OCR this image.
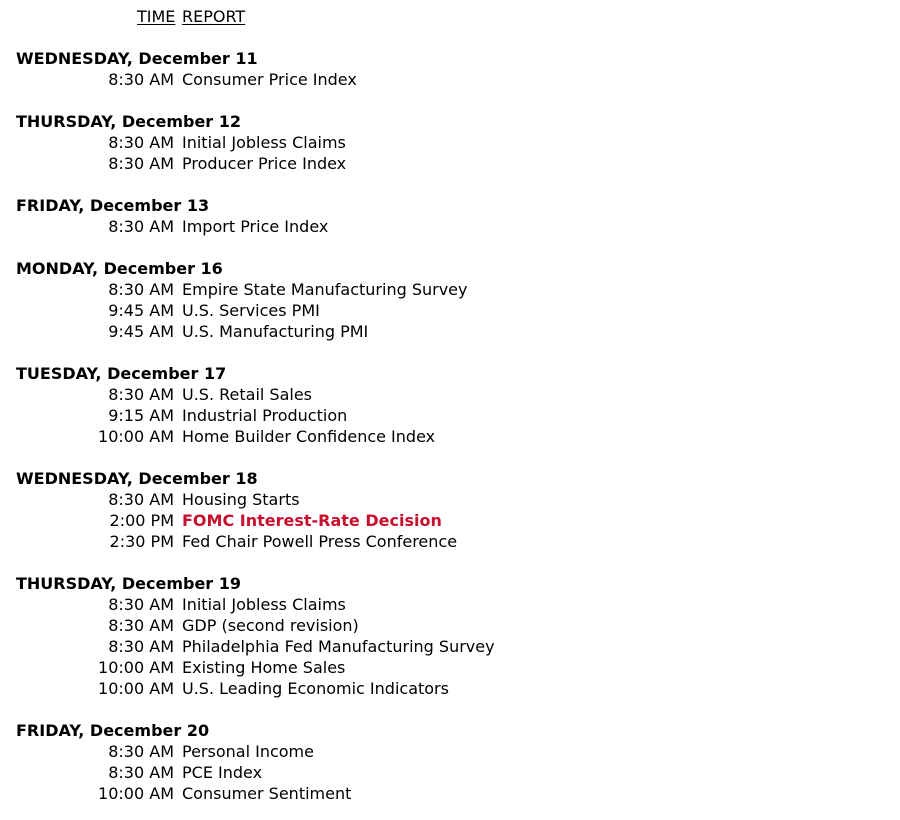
TIME REPORT
WEDNESDAY, December 11
8:30 AM Consumer Price Index
THURSDAY, December 12
8:30 AM Initial Jobless Claims
8:30 AM Producer Price Index
FRIDAY, December 13
8:30 AM Import Price Index
MONDAY, December 16
8:30 AM Empire State Manufacturing Survey
9:45 AM U.S. Services PMI
9:45 AM U.S. Manufacturing PMI
TUESDAY, December 17
8:30 AM U.S. Retail Sales
9:15 AM Industrial Production
10:00 AM Home Builder Confidence Index
WEDNESDAY, December 18
8:30 AM Housing Starts
2:00 PM FOMC Interest-Rate Decision
2:30 PM Fed Chair Powell Press Conference
THURSDAY, December 19
8:30 AM Initial Jobless Claims
8:30 AM GDP (second revision)
8:30 AM Philadelphia Fed Manufacturing Survey
10:00 AM Existing Home Sales
10:00 AM U.S. Leading Economic Indicators
FRIDAY, December 20
8:30 AM Personal Income
8:30 AM PCE Index
10:00 AM Consumer Sentiment
